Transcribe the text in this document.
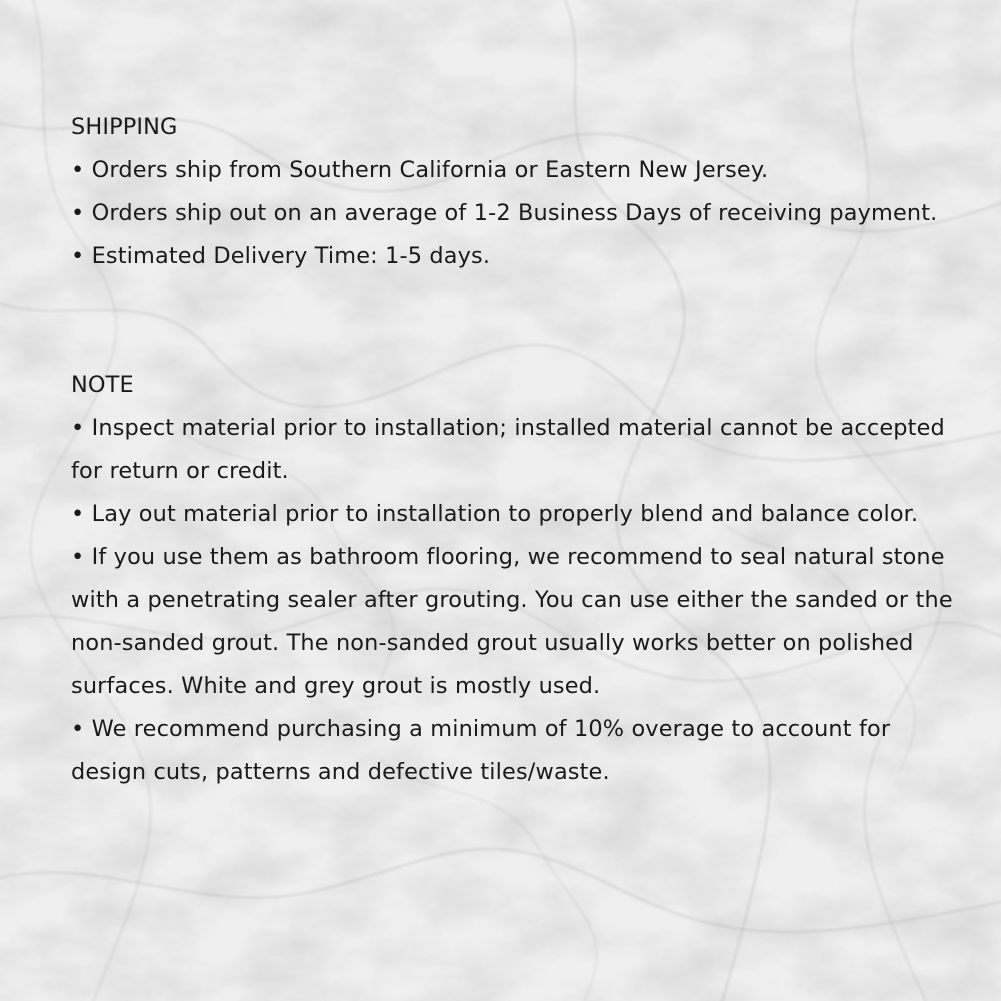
SHIPPING
• Orders ship from Southern California or Eastern New Jersey.
• Orders ship out on an average of 1-2 Business Days of receiving payment.
• Estimated Delivery Time: 1-5 days.
NOTE
• Inspect material prior to installation; installed material cannot be accepted for return or credit.
• Lay out material prior to installation to properly blend and balance color.
• If you use them as bathroom flooring, we recommend to seal natural stone with a penetrating sealer after grouting. You can use either the sanded or the non-sanded grout. The non-sanded grout usually works better on polished surfaces. White and grey grout is mostly used.
• We recommend purchasing a minimum of 10% overage to account for design cuts, patterns and defective tiles/waste.
